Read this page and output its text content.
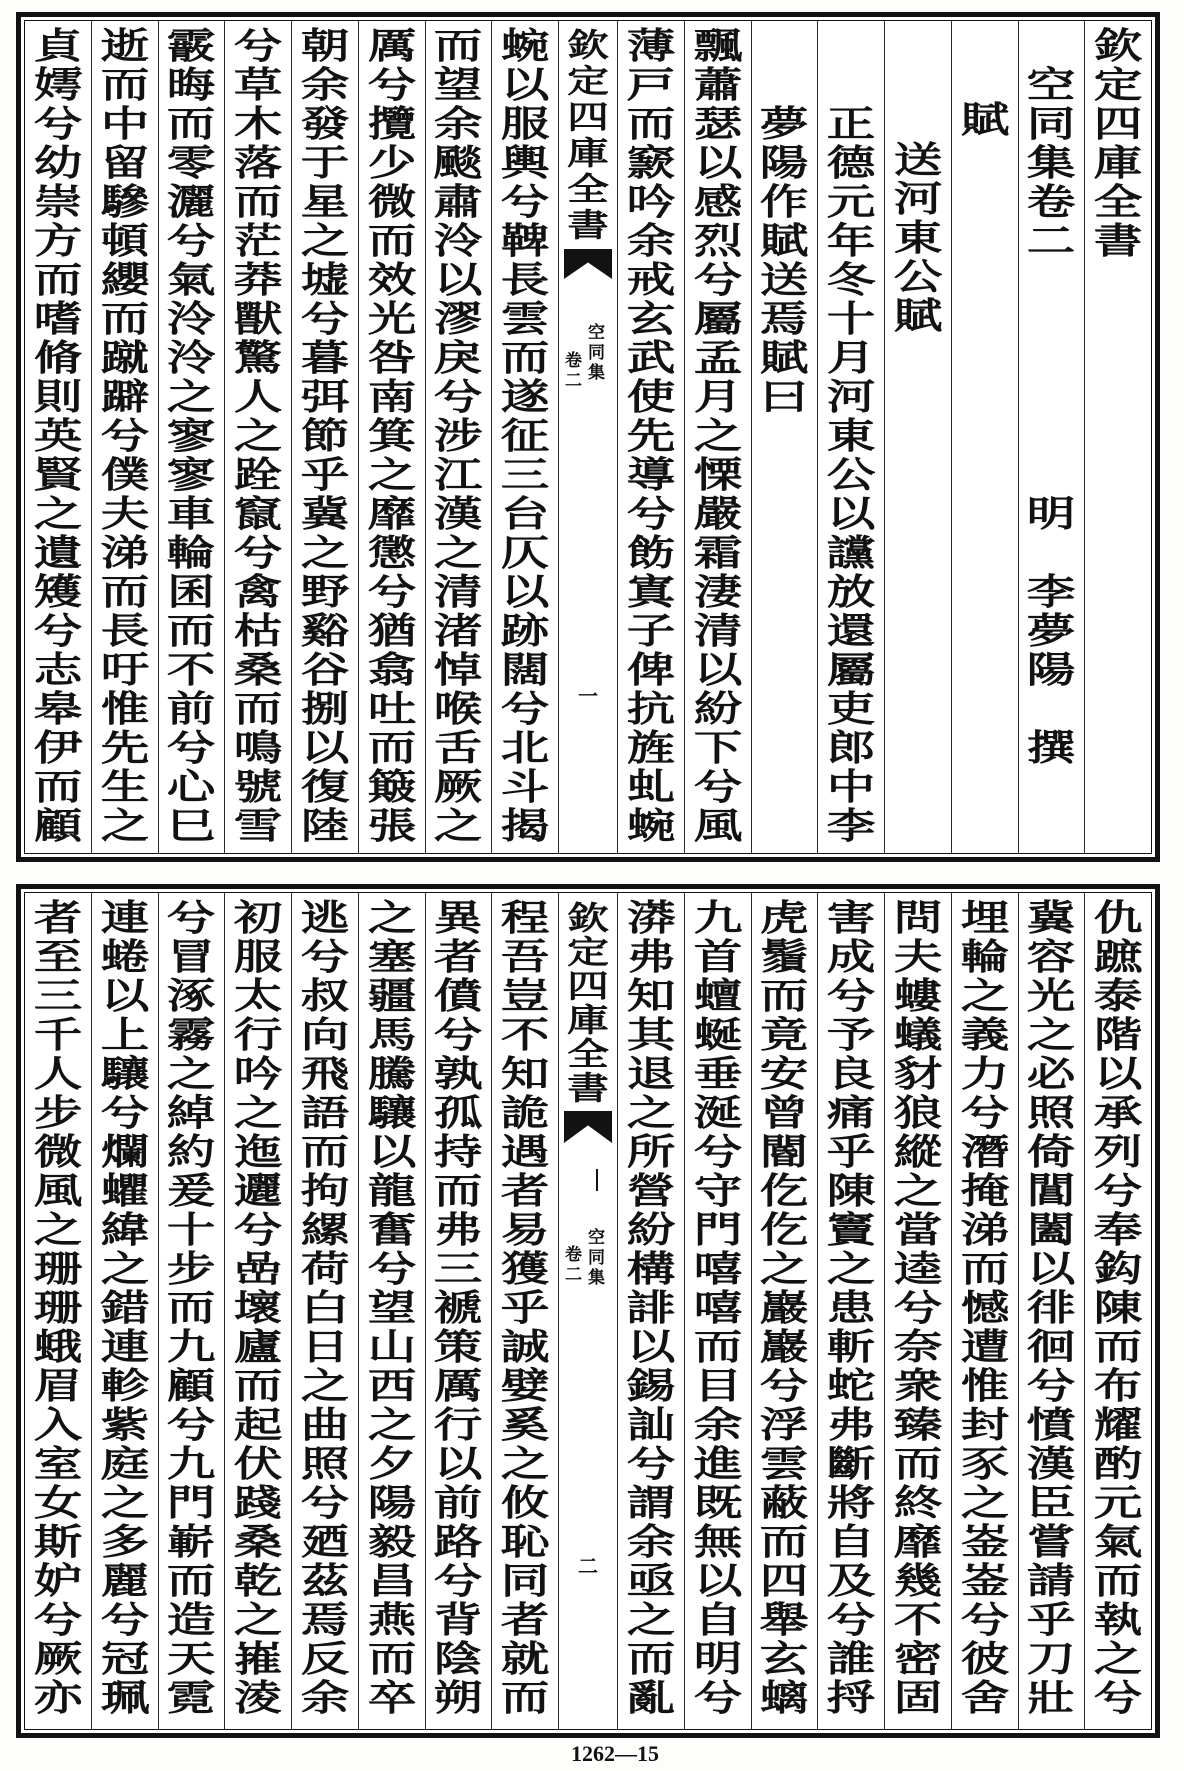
欽定四庫全書
空同集卷二
明
李夢陽
撰
賦
送河東公賦
正德元年冬十月河東公以讜放還屬吏郎中李
夢陽作賦送焉賦曰
飄蕭瑟以感烈兮屬孟月之慄嚴霜淒清以紛下兮風
薄戸而窾吟余戒玄武使先導兮飭寘子俾抗旌虬蜿
欽定四庫全書
空同集
卷二
一
蜿以服輿兮鞞長雲而遂征三台仄以跡闊兮北斗揭
而望余颷肅泠以漻戾兮涉江漢之清渚悼喉舌厥之
厲兮攬少微而效光咎南箕之靡懲兮猶翕吐而簸張
朝余發于星之墟兮暮弭節乎冀之野谿谷捌以復陸
兮草木落而茫莽獸驚人之跧竄兮禽枯桑而鳴號雪
霰晦而零灑兮氣泠泠之寥寥車輪囷而不前兮心巳
逝而中留驂頓纓而蹴躃兮僕夫涕而長吁惟先生之
貞嫮兮幼崇方而嗜脩則英賢之遺矱兮志皋伊而顧
仇蹠泰階以承列兮奉鈎陳而布耀酌元氣而執之兮
冀容光之必照倚閶闔以徘徊兮憤漢臣嘗請乎刀壯
埋輪之義力兮潛掩涕而憾遭惟封豕之崟崟兮彼舍
問夫螻蟻豺狼縱之當逵兮奈衆臻而終靡幾不密固
害成兮予良痛乎陳竇之患斬蛇弗斷將自及兮誰捋
虎鬚而竟安曾閽仡仡之巖巖兮浮雲蔽而四舉玄螭
九首蟺蜒垂涎兮守門嘻嘻而目余進既無以自明兮
漭弗知其退之所營紛構誹以錫訕兮謂余亟之而亂
欽定四庫全書
空同集
卷二
二
程吾豈不知詭遇者易獲乎誠嬖奚之攸恥同者就而
異者僨兮孰孤持而弗三褫策厲行以前路兮背陰朔
之塞疆馬騰驤以龍奮兮望山西之夕陽毅昌燕而卒
逃兮叔向飛語而拘縲荷白日之曲照兮廼茲焉反余
初服太行吟之迤邐兮嵒壞廬而起伏踐桑乾之嶊淩
兮冒涿霧之綽約爰十步而九顧兮九門嶄而造天霓
連蜷以上驤兮爛蠷緯之錯連軫紫庭之多麗兮冠珮
者至三千人步微風之珊珊蛾眉入室女斯妒兮厥亦
1262—15
